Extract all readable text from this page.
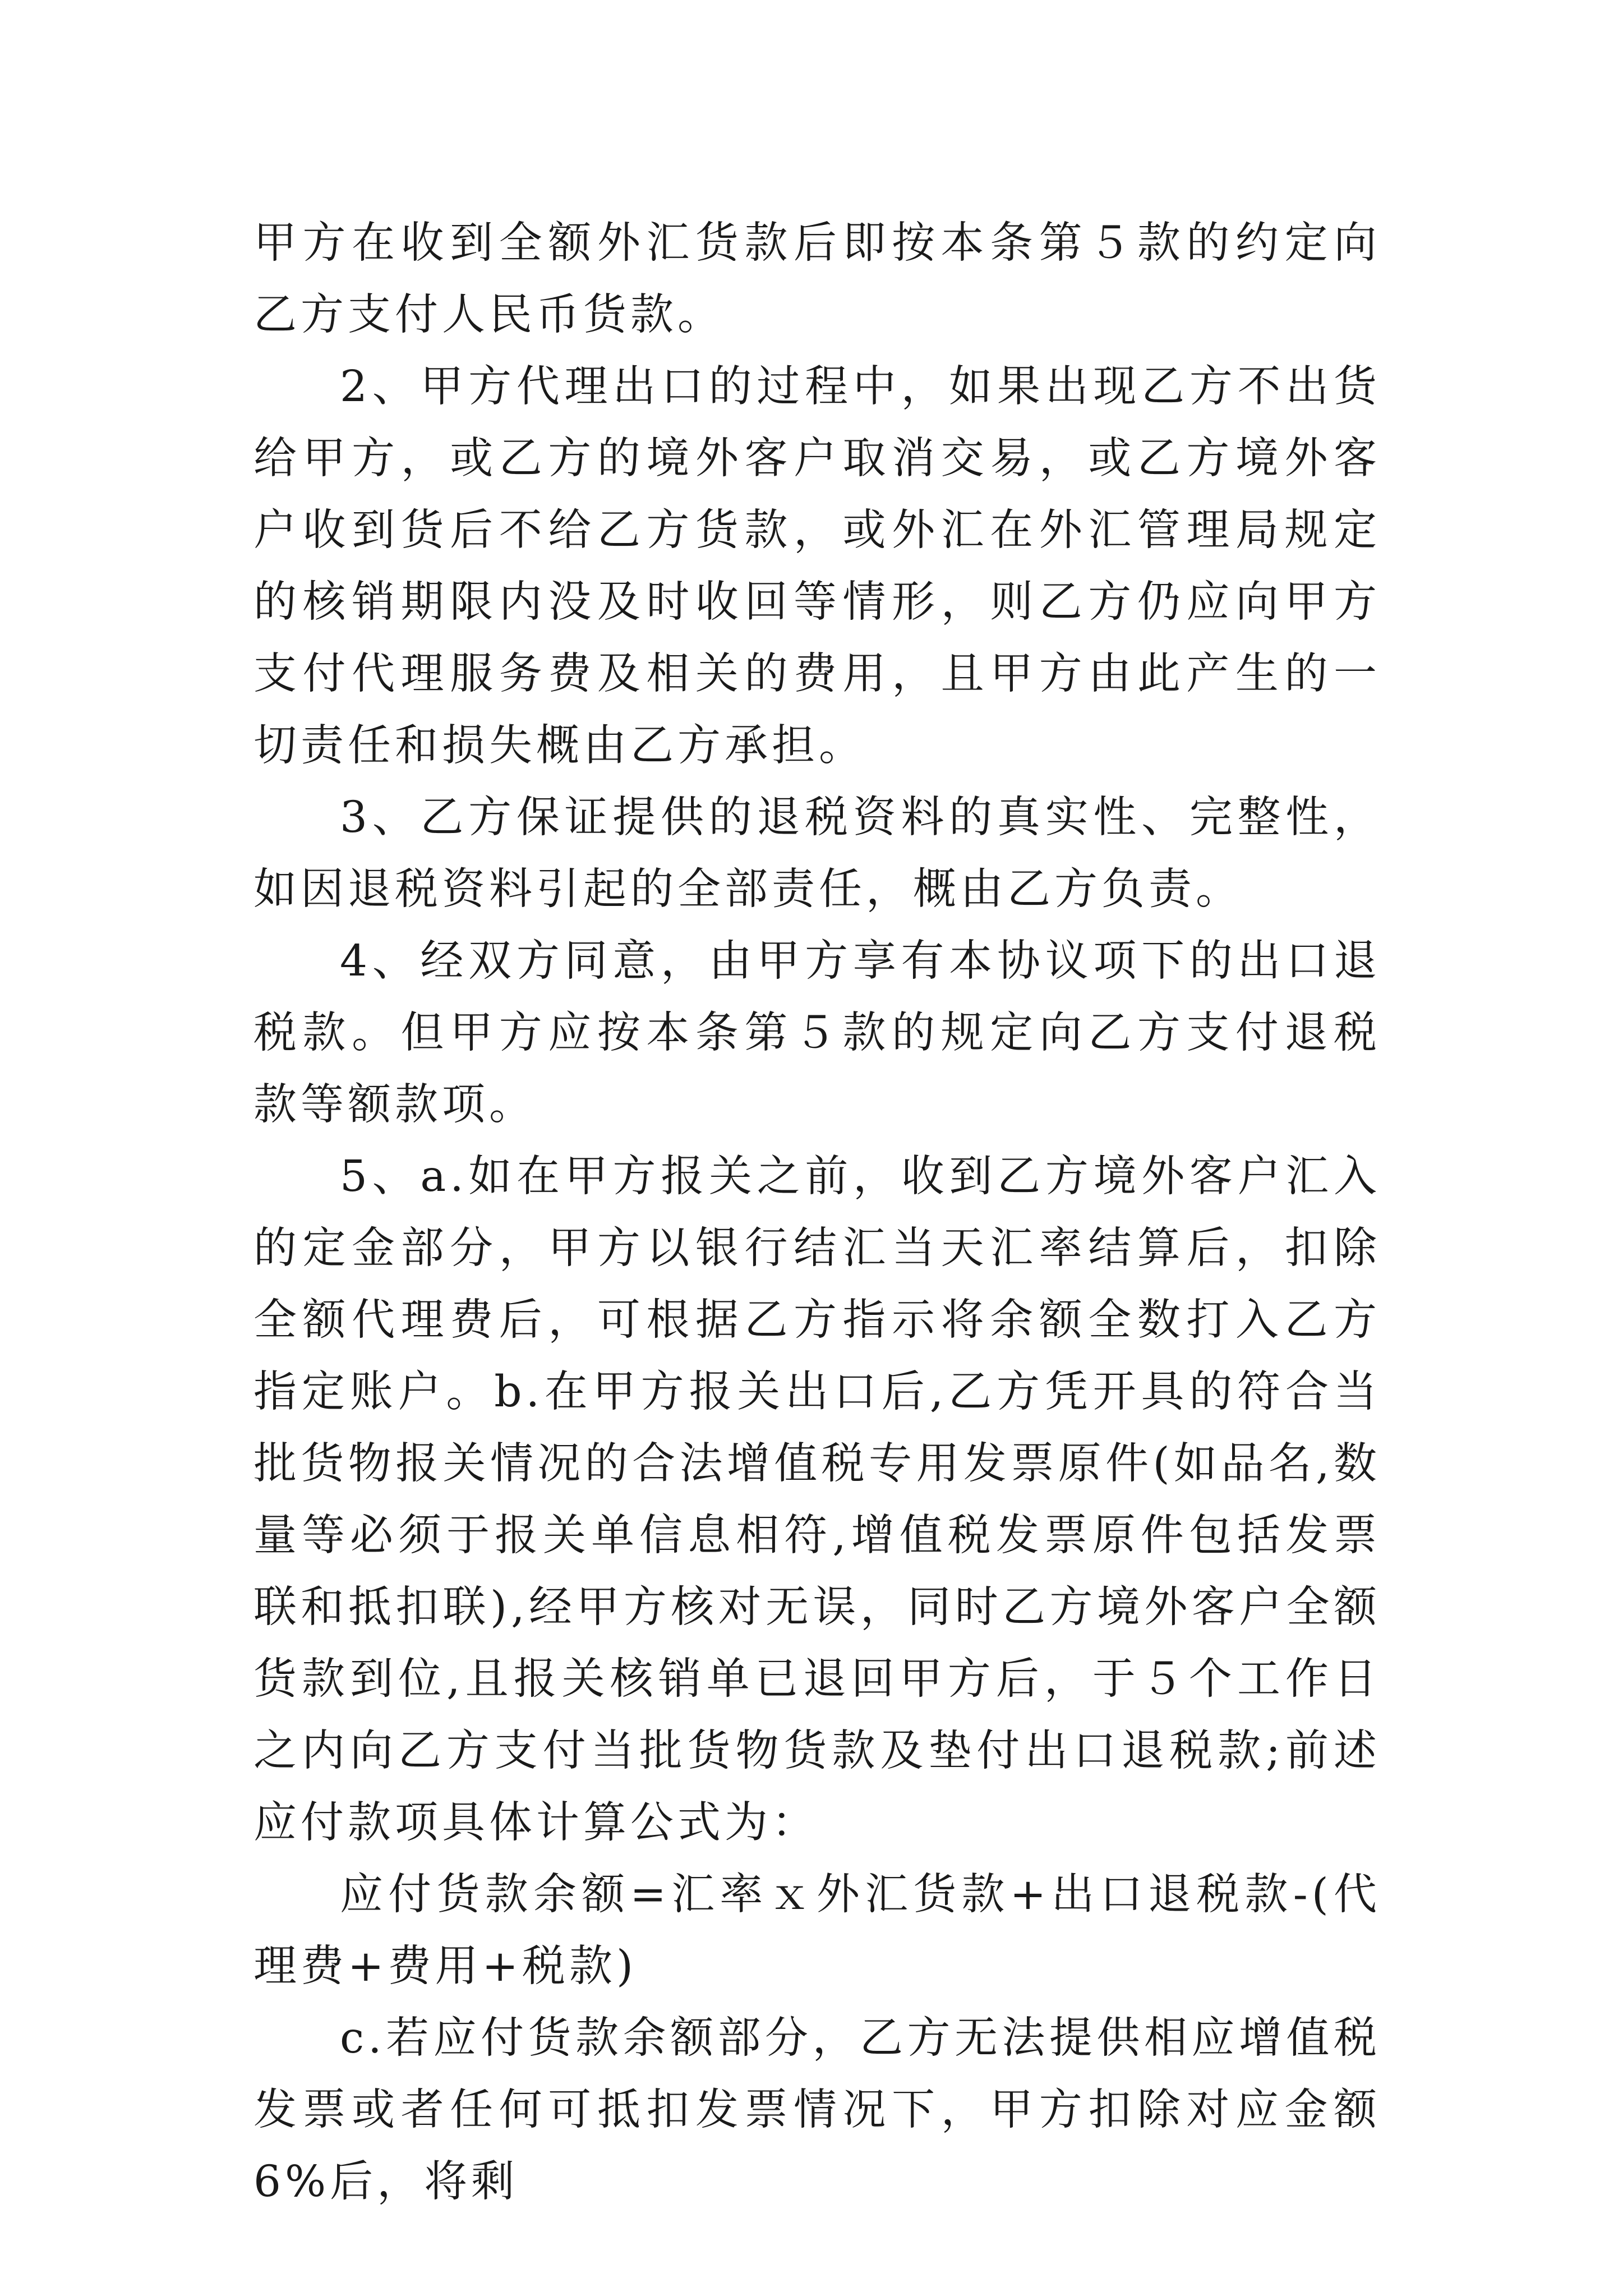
甲方在收到全额外汇货款后即按本条第５款的约定向乙方支付人民币货款。

2、甲方代理出口的过程中，如果出现乙方不出货给甲方，或乙方的境外客户取消交易，或乙方境外客户收到货后不给乙方货款，或外汇在外汇管理局规定的核销期限内没及时收回等情形，则乙方仍应向甲方支付代理服务费及相关的费用，且甲方由此产生的一切责任和损失概由乙方承担。

3、乙方保证提供的退税资料的真实性、完整性，如因退税资料引起的全部责任，概由乙方负责。

4、经双方同意，由甲方享有本协议项下的出口退税款。但甲方应按本条第５款的规定向乙方支付退税款等额款项。

5、a.如在甲方报关之前，收到乙方境外客户汇入的定金部分，甲方以银行结汇当天汇率结算后，扣除全额代理费后，可根据乙方指示将余额全数打入乙方指定账户。b.在甲方报关出口后,乙方凭开具的符合当批货物报关情况的合法增值税专用发票原件(如品名,数量等必须于报关单信息相符,增值税发票原件包括发票联和抵扣联),经甲方核对无误，同时乙方境外客户全额货款到位,且报关核销单已退回甲方后，于５个工作日之内向乙方支付当批货物货款及垫付出口退税款;前述应付款项具体计算公式为：

应付货款余额=汇率ｘ外汇货款+出口退税款-(代理费+费用+税款)

c.若应付货款余额部分，乙方无法提供相应增值税发票或者任何可抵扣发票情况下，甲方扣除对应金额6%后，将剩
